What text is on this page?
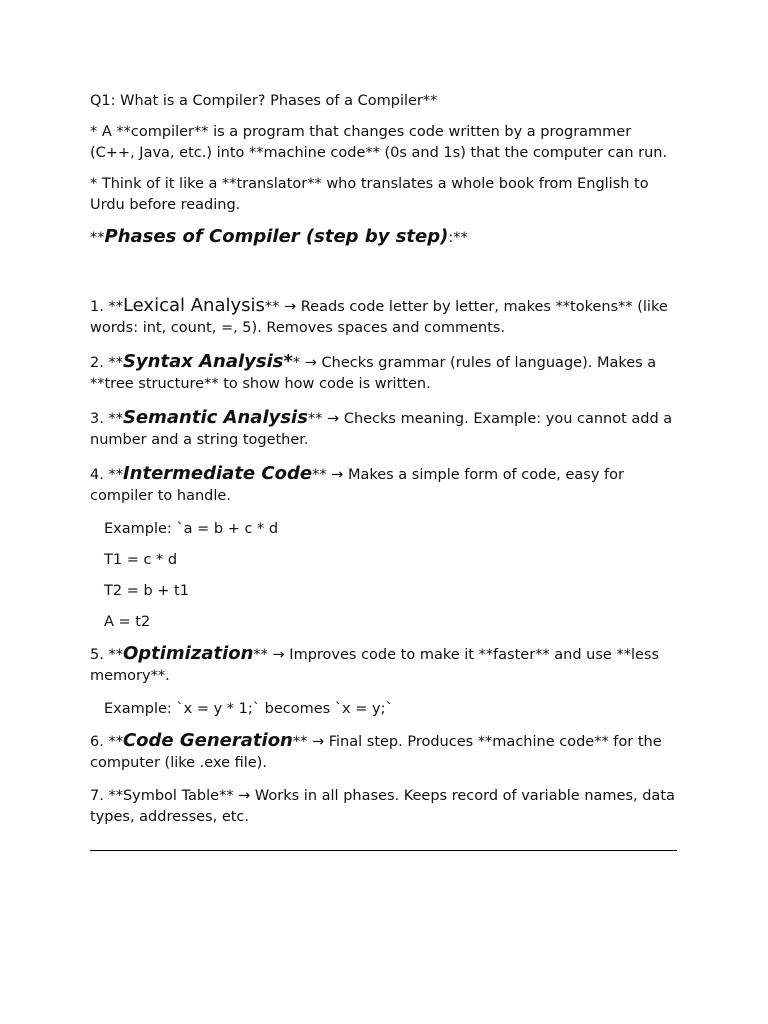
Q1: What is a Compiler? Phases of a Compiler**

* A **compiler** is a program that changes code written by a programmer (C++, Java, etc.) into **machine code** (0s and 1s) that the computer can run.

* Think of it like a **translator** who translates a whole book from English to Urdu before reading.

**Phases of Compiler (step by step):**

1. **Lexical Analysis** → Reads code letter by letter, makes **tokens** (like words: int, count, =, 5). Removes spaces and comments.

2. **Syntax Analysis** → Checks grammar (rules of language). Makes a **tree structure** to show how code is written.

3. **Semantic Analysis** → Checks meaning. Example: you cannot add a number and a string together.

4. **Intermediate Code** → Makes a simple form of code, easy for compiler to handle.

Example: `a = b + c * d

T1 = c * d

T2 = b + t1

A = t2

5. **Optimization** → Improves code to make it **faster** and use **less memory**.

Example: `x = y * 1;` becomes `x = y;`

6. **Code Generation** → Final step. Produces **machine code** for the computer (like .exe file).

7. **Symbol Table** → Works in all phases. Keeps record of variable names, data types, addresses, etc.
